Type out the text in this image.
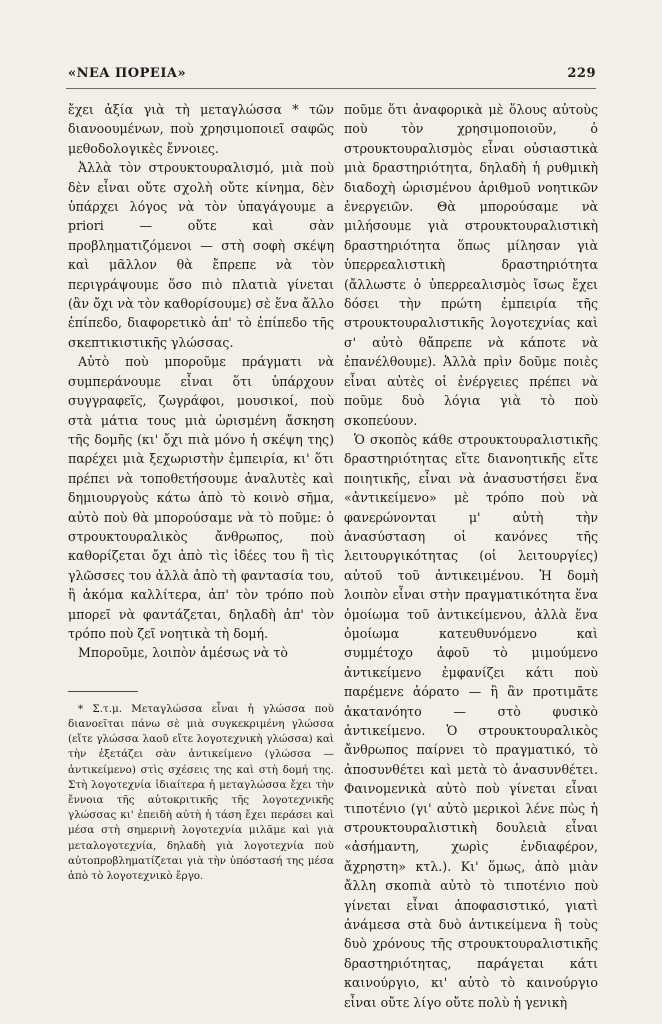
«ΝΕΑ ΠΟΡΕΙΑ»	229

ἔχει ἀξία γιὰ τὴ μεταγλώσσα * τῶν διανοουμένων, ποὺ χρησιμοποιεῖ σαφῶς μεθοδολογικὲς ἔννοιες.

Ἀλλὰ τὸν στρουκτουραλισμό, μιὰ ποὺ δὲν εἶναι οὔτε σχολὴ οὔτε κίνημα, δὲν ὑπάρχει λόγος νὰ τὸν ὑπαγάγουμε a priori — οὔτε καὶ σὰν προβληματιζόμενοι — στὴ σοφὴ σκέψη καὶ μᾶλλον θὰ ἔπρεπε νὰ τὸν περιγράψουμε ὅσο πιὸ πλατιὰ γίνεται (ἂν ὄχι νὰ τὸν καθορίσουμε) σὲ ἕνα ἄλλο ἐπίπεδο, διαφορετικὸ ἀπ' τὸ ἐπίπεδο τῆς σκεπτικιστικῆς γλώσσας.

Αὐτὸ ποὺ μποροῦμε πράγματι νὰ συμπεράνουμε εἶναι ὅτι ὑπάρχουν συγγραφεῖς, ζωγράφοι, μουσικοί, ποὺ στὰ μάτια τους μιὰ ὡρισμένη ἄσκηση τῆς δομῆς (κι' ὄχι πιὰ μόνο ἡ σκέψη της) παρέχει μιὰ ξεχωριστὴν ἐμπειρία, κι' ὅτι πρέπει νὰ τοποθετήσουμε ἀναλυτὲς καὶ δημιουργοὺς κάτω ἀπὸ τὸ κοινὸ σῆμα, αὐτὸ ποὺ θὰ μπορούσαμε νὰ τὸ ποῦμε: ὁ στρουκτουραλικὸς ἄνθρωπος, ποὺ καθορίζεται ὄχι ἀπὸ τὶς ἰδέες του ἢ τὶς γλῶσσες του ἀλλὰ ἀπὸ τὴ φαντασία του, ἢ ἀκόμα καλλίτερα, ἀπ' τὸν τρόπο ποὺ μπορεῖ νὰ φαντάζεται, δηλαδὴ ἀπ' τὸν τρόπο ποὺ ζεῖ νοητικὰ τὴ δομή.

Μποροῦμε, λοιπὸν ἀμέσως νὰ τὸ

* Σ.τ.μ. Μεταγλώσσα εἶναι ἡ γλώσσα ποὺ διανοεῖται πάνω σὲ μιὰ συγκεκριμένη γλώσσα (εἴτε γλώσσα λαοῦ εἴτε λογοτεχνικὴ γλώσσα) καὶ τὴν ἐξετάζει σὰν ἀντικείμενο (γλώσσα — ἀντικείμενο) στὶς σχέσεις της καὶ στὴ δομή της. Στὴ λογοτεχνία ἰδιαίτερα ἡ μεταγλώσσα ἔχει τὴν ἔννοια τῆς αὐτοκριτικῆς τῆς λογοτεχνικῆς γλώσσας κι' ἐπειδὴ αὐτὴ ἡ τάση ἔχει περάσει καὶ μέσα στὴ σημερινὴ λογοτεχνία μιλᾶμε καὶ γιὰ μεταλογοτεχνία, δηλαδὴ γιὰ λογοτεχνία ποὺ αὐτοπροβληματίζεται γιὰ τὴν ὑπόστασή της μέσα ἀπὸ τὸ λογοτεχνικὸ ἔργο.

ποῦμε ὅτι ἀναφορικὰ μὲ ὅλους αὐτοὺς ποὺ τὸν χρησιμοποιοῦν, ὁ στρουκτουραλισμὸς εἶναι οὐσιαστικὰ μιὰ δραστηριότητα, δηλαδὴ ἡ ρυθμικὴ διαδοχὴ ὡρισμένου ἀριθμοῦ νοητικῶν ἐνεργειῶν. Θὰ μπορούσαμε νὰ μιλήσουμε γιὰ στρουκτουραλιστικὴ δραστηριότητα ὅπως μίλησαν γιὰ ὑπερρεαλιστικὴ δραστηριότητα (ἄλλωστε ὁ ὑπερρεαλισμὸς ἴσως ἔχει δόσει τὴν πρώτη ἐμπειρία τῆς στρουκτουραλιστικῆς λογοτεχνίας καὶ σ' αὐτὸ θἄπρεπε νὰ κάποτε νὰ ἐπανέλθουμε). Ἀλλὰ πρὶν δοῦμε ποιὲς εἶναι αὐτὲς οἱ ἐνέργειες πρέπει νὰ ποῦμε δυὸ λόγια γιὰ τὸ ποὺ σκοπεύουν.

Ὁ σκοπὸς κάθε στρουκτουραλιστικῆς δραστηριότητας εἴτε διανοητικῆς εἴτε ποιητικῆς, εἶναι νὰ ἀνασυστήσει ἕνα «ἀντικείμενο» μὲ τρόπο ποὺ νὰ φανερώνονται μ' αὐτὴ τὴν ἀνασύσταση οἱ κανόνες τῆς λειτουργικότητας (οἱ λειτουργίες) αὐτοῦ τοῦ ἀντικειμένου. Ἡ δομὴ λοιπὸν εἶναι στὴν πραγματικότητα ἕνα ὁμοίωμα τοῦ ἀντικείμενου, ἀλλὰ ἕνα ὁμοίωμα κατευθυνόμενο καὶ συμμέτοχο ἀφοῦ τὸ μιμούμενο ἀντικείμενο ἐμφανίζει κάτι ποὺ παρέμενε ἀόρατο — ἢ ἂν προτιμᾶτε ἀκατανόητο — στὸ φυσικὸ ἀντικείμενο. Ὁ στρουκτουραλικὸς ἄνθρωπος παίρνει τὸ πραγματικό, τὸ ἀποσυνθέτει καὶ μετὰ τὸ ἀνασυνθέτει. Φαινομενικὰ αὐτὸ ποὺ γίνεται εἶναι τιποτένιο (γι' αὐτὸ μερικοὶ λένε πὼς ἡ στρουκτουραλιστικὴ δουλειὰ εἶναι «ἀσήμαντη, χωρὶς ἐνδιαφέρον, ἄχρηστη» κτλ.). Κι' ὅμως, ἀπὸ μιὰν ἄλλη σκοπιὰ αὐτὸ τὸ τιποτένιο ποὺ γίνεται εἶναι ἀποφασιστικό, γιατὶ ἀνάμεσα στὰ δυὸ ἀντικείμενα ἢ τοὺς δυὸ χρόνους τῆς στρουκτουραλιστικῆς δραστηριότητας, παράγεται κάτι καινούργιο, κι' αὐτὸ τὸ καινούργιο εἶναι οὔτε λίγο οὔτε πολὺ ἡ γενικὴ
